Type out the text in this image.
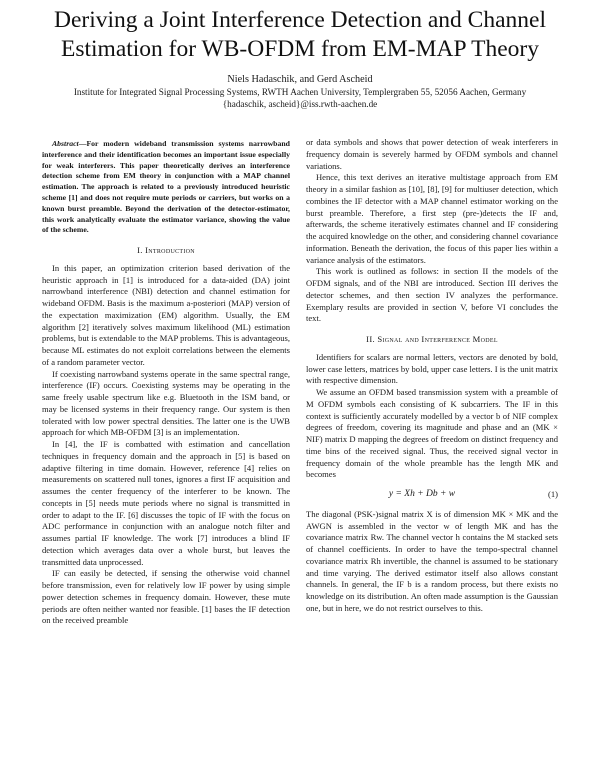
Deriving a Joint Interference Detection and Channel
Estimation for WB-OFDM from EM-MAP Theory
Niels Hadaschik, and Gerd Ascheid
Institute for Integrated Signal Processing Systems, RWTH Aachen University, Templergraben 55, 52056 Aachen, Germany
{hadaschik, ascheid}@iss.rwth-aachen.de

Abstract—For modern wideband transmission systems narrowband interference and their identification becomes an important issue especially for weak interferers. This paper theoretically derives an interference detection scheme from EM theory in conjunction with a MAP channel estimation. The approach is related to a previously introduced heuristic scheme [1] and does not require mute periods or carriers, but works on a known burst preamble. Beyond the derivation of the detector-estimator, this work analytically evaluate the estimator variance, showing the value of the scheme.

I. Introduction

In this paper, an optimization criterion based derivation of the heuristic approach in [1] is introduced for a data-aided (DA) joint narrowband interference (NBI) detection and channel estimation for wideband OFDM. Basis is the maximum a-posteriori (MAP) version of the expectation maximization (EM) algorithm. Usually, the EM algorithm [2] iteratively solves maximum likelihood (ML) estimation problems, but is extendable to the MAP problems. This is advantageous, because ML estimates do not exploit correlations between the elements of a random parameter vector.

If coexisting narrowband systems operate in the same spectral range, interference (IF) occurs. Coexisting systems may be operating in the same freely usable spectrum like e.g. Bluetooth in the ISM band, or may be licensed systems in their frequency range. Our system is then tolerated with low power spectral densities. The latter one is the UWB approach for which MB-OFDM [3] is an implementation.

In [4], the IF is combatted with estimation and cancellation techniques in frequency domain and the approach in [5] is based on adaptive filtering in time domain. However, reference [4] relies on measurements on scattered null tones, ignores a first IF acquisition and assumes the center frequency of the interferer to be known. The concepts in [5] needs mute periods where no signal is transmitted in order to adapt to the IF. [6] discusses the topic of IF with the focus on ADC performance in conjunction with an analogue notch filter and assumes partial IF knowledge. The work [7] introduces a blind IF detection which averages data over a whole burst, but leaves the transmitted data unprocessed.

IF can easily be detected, if sensing the otherwise void channel before transmission, even for relatively low IF power by using simple power detection schemes in frequency domain. However, these mute periods are often neither wanted nor feasible. [1] bases the IF detection on the received preamble

or data symbols and shows that power detection of weak interferers in frequency domain is severely harmed by OFDM symbols and channel variations.

Hence, this text derives an iterative multistage approach from EM theory in a similar fashion as [10], [8], [9] for multiuser detection, which combines the IF detector with a MAP channel estimator working on the burst preamble. Therefore, a first step (pre-)detects the IF and, afterwards, the scheme iteratively estimates channel and IF considering the acquired knowledge on the other, and considering channel covariance information. Beneath the derivation, the focus of this paper lies within a variance analysis of the estimators.

This work is outlined as follows: in section II the models of the OFDM signals, and of the NBI are introduced. Section III derives the detector schemes, and then section IV analyzes the performance. Exemplary results are provided in section V, before VI concludes the text.

II. Signal and Interference Model

Identifiers for scalars are normal letters, vectors are denoted by bold, lower case letters, matrices by bold, upper case letters. I is the unit matrix with respective dimension.

We assume an OFDM based transmission system with a preamble of M OFDM symbols each consisting of K subcarriers. The IF in this context is sufficiently accurately modelled by a vector b of NIF complex degrees of freedom, covering its magnitude and phase and an (MK × NIF) matrix D mapping the degrees of freedom on distinct frequency and time bins of the received signal. Thus, the received signal vector in frequency domain of the whole preamble has the length MK and becomes

y = Xh + Db + w	(1)

The diagonal (PSK-)signal matrix X is of dimension MK × MK and the AWGN is assembled in the vector w of length MK and has the covariance matrix Rw. The channel vector h contains the M stacked sets of channel coefficients. In order to have the tempo-spectral channel covariance matrix Rh invertible, the channel is assumed to be stationary and time varying. The derived estimator itself also allows constant channels. In general, the IF b is a random process, but there exists no knowledge on its distribution. An often made assumption is the Gaussian one, but in here, we do not restrict ourselves to this.
